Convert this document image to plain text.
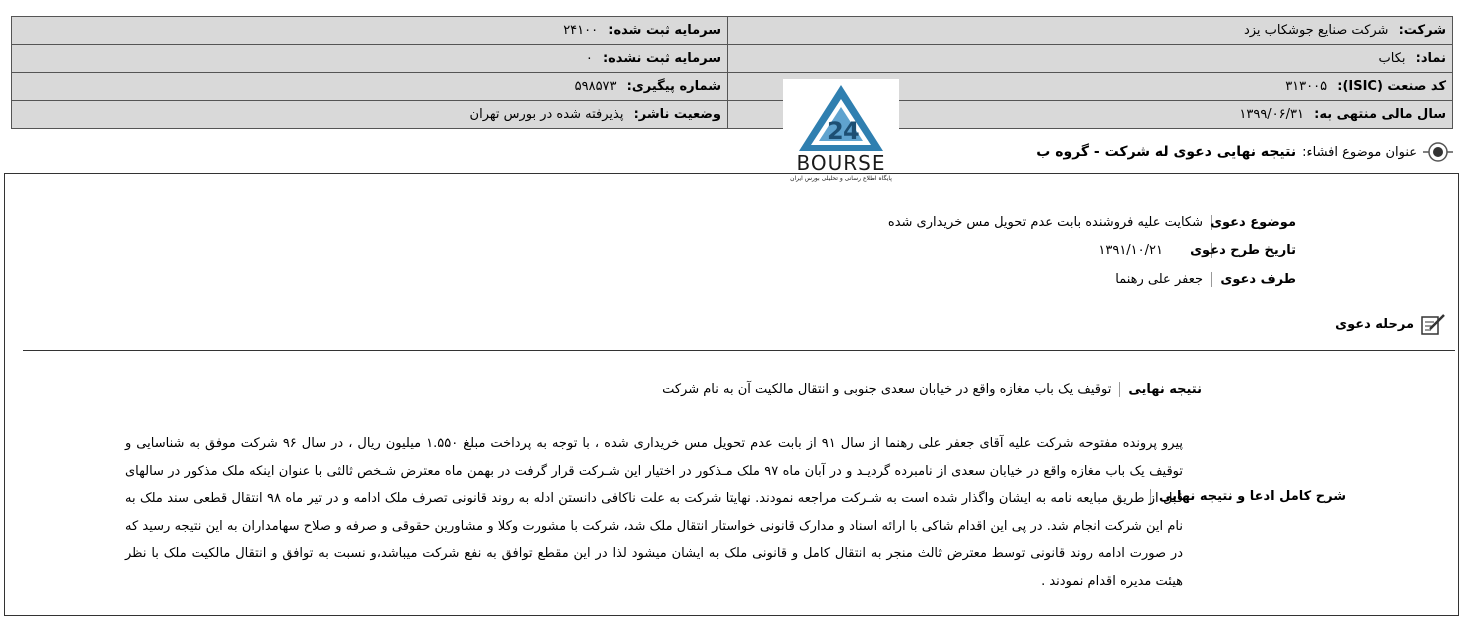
شرکت: شرکت صنایع جوشکاب یزد	سرمایه ثبت شده: ۲۴۱۰۰
نماد: بکاب	سرمایه ثبت نشده: ۰
کد صنعت (ISIC): ۳۱۳۰۰۵	شماره پیگیری: ۵۹۸۵۷۳
سال مالی منتهی به: ۱۳۹۹/۰۶/۳۱	وضعیت ناشر: پذیرفته شده در بورس تهران
2 4
BOURSE
پایگاه اطلاع رسانی و تحلیلی بورس ایران
عنوان موضوع افشاء:
نتیجه نهایی دعوی له شرکت - گروه ب
موضوع دعوی
شکایت علیه فروشنده بابت عدم تحویل مس خریداری شده
تاریخ طرح دعوی
۱۳۹۱/۱۰/۲۱
طرف دعوی
جعفر علی رهنما
مرحله دعوی
نتیجه نهایی
توقیف یک باب مغازه واقع در خیابان سعدی جنوبی و انتقال مالکیت آن به نام شرکت
شرح کامل ادعا و نتیجه نهایی
پیرو پرونده مفتوحه شرکت علیه آقای جعفر علی رهنما از سال ۹۱ از بابت عدم تحویل مس خریداری شده ، با توجه به پرداخت مبلغ ۱.۵۵۰ میلیون ریال ، در سال ۹۶ شرکت موفق به شناسایی و توقیف یک باب مغازه واقع در خیابان سعدی از نامبرده گردیـد و در آبان ماه ۹۷ ملک مـذکور در اختیار این شـرکت قرار گرفت در بهمن ماه معترض شـخص ثالثی با عنوان اینکه ملک مذکور در سالهای قبل از طریق مبایعه نامه به ایشان واگذار شده است به شـرکت مراجعه نمودند. نهایتا شرکت به علت ناکافی دانستن ادله به روند قانونی تصرف ملک ادامه و در تیر ماه ۹۸ انتقال قطعی سند ملک به نام این شرکت انجام شد. در پی این اقدام شاکی با ارائه اسناد و مدارک قانونی خواستار انتقال ملک شد، شرکت با مشورت وکلا و مشاورین حقوقی و صرفه و صلاح سهامداران به این نتیجه رسید که در صورت ادامه روند قانونی توسط معترض ثالث منجر به انتقال کامل و قانونی ملک به ایشان میشود لذا در این مقطع توافق به نفع شرکت میباشد،و نسبت به توافق و انتقال مالکیت ملک با نظر هیئت مدیره اقدام نمودند .
